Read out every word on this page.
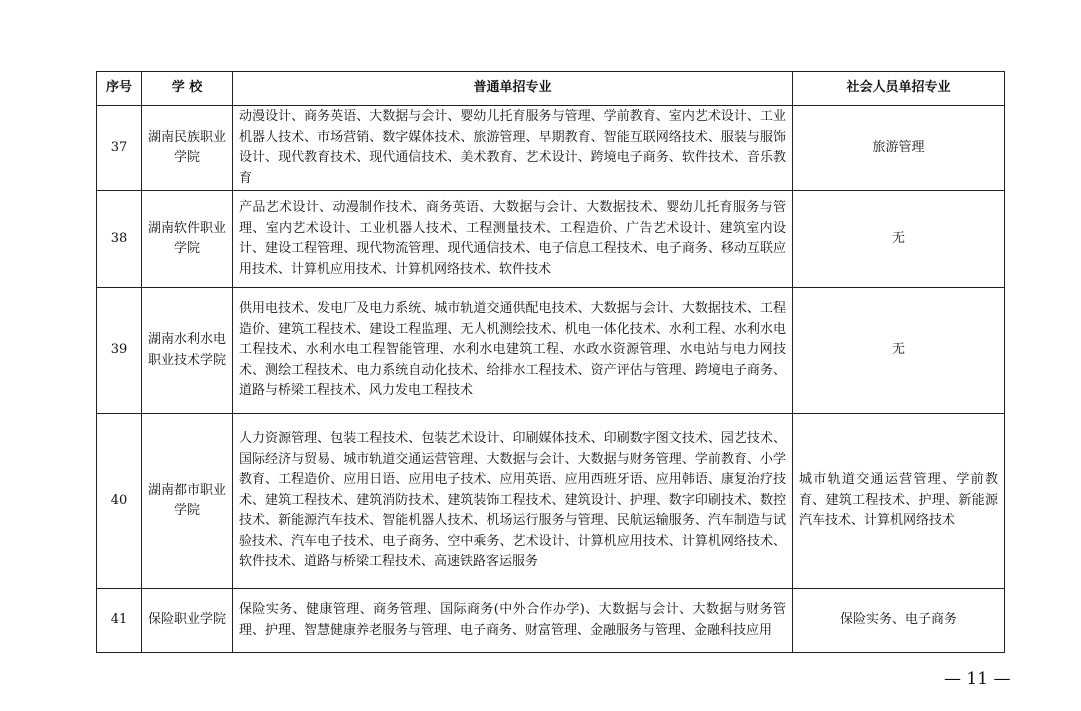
序号	学 校	普通单招专业	社会人员单招专业
37	湖南民族职业学院	动漫设计、商务英语、大数据与会计、婴幼儿托育服务与管理、学前教育、室内艺术设计、工业机器人技术、市场营销、数字媒体技术、旅游管理、早期教育、智能互联网络技术、服装与服饰设计、现代教育技术、现代通信技术、美术教育、艺术设计、跨境电子商务、软件技术、音乐教育	旅游管理
38	湖南软件职业学院	产品艺术设计、动漫制作技术、商务英语、大数据与会计、大数据技术、婴幼儿托育服务与管理、室内艺术设计、工业机器人技术、工程测量技术、工程造价、广告艺术设计、建筑室内设计、建设工程管理、现代物流管理、现代通信技术、电子信息工程技术、电子商务、移动互联应用技术、计算机应用技术、计算机网络技术、软件技术	无
39	湖南水利水电职业技术学院	供用电技术、发电厂及电力系统、城市轨道交通供配电技术、大数据与会计、大数据技术、工程造价、建筑工程技术、建设工程监理、无人机测绘技术、机电一体化技术、水利工程、水利水电工程技术、水利水电工程智能管理、水利水电建筑工程、水政水资源管理、水电站与电力网技术、测绘工程技术、电力系统自动化技术、给排水工程技术、资产评估与管理、跨境电子商务、道路与桥梁工程技术、风力发电工程技术	无
40	湖南都市职业学院	人力资源管理、包装工程技术、包装艺术设计、印刷媒体技术、印刷数字图文技术、园艺技术、国际经济与贸易、城市轨道交通运营管理、大数据与会计、大数据与财务管理、学前教育、小学教育、工程造价、应用日语、应用电子技术、应用英语、应用西班牙语、应用韩语、康复治疗技术、建筑工程技术、建筑消防技术、建筑装饰工程技术、建筑设计、护理、数字印刷技术、数控技术、新能源汽车技术、智能机器人技术、机场运行服务与管理、民航运输服务、汽车制造与试验技术、汽车电子技术、电子商务、空中乘务、艺术设计、计算机应用技术、计算机网络技术、软件技术、道路与桥梁工程技术、高速铁路客运服务	城市轨道交通运营管理、学前教育、建筑工程技术、护理、新能源汽车技术、计算机网络技术
41	保险职业学院	保险实务、健康管理、商务管理、国际商务(中外合作办学)、大数据与会计、大数据与财务管理、护理、智慧健康养老服务与管理、电子商务、财富管理、金融服务与管理、金融科技应用	保险实务、电子商务
— 11 —
